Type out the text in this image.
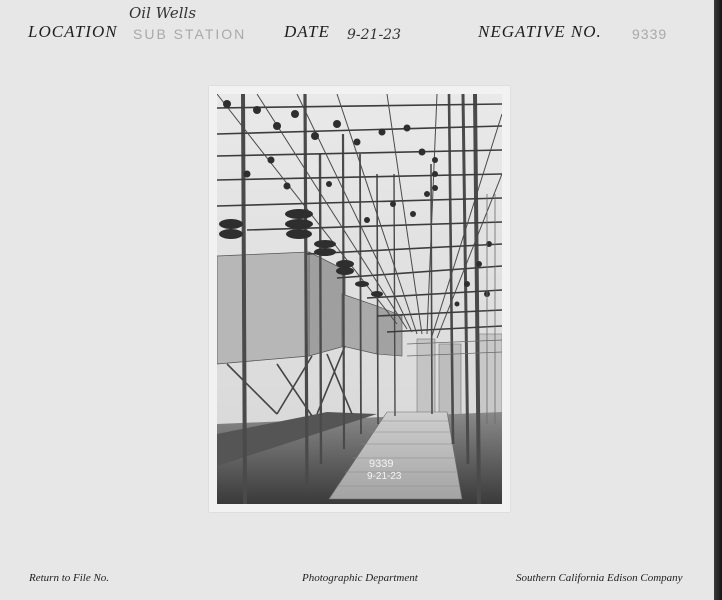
Oil Wells
LOCATION SUB STATION DATE 9-21-23	NEGATIVE NO. 9339
9339
9-21-23
Return to File No.	Photographic Department	Southern California Edison Company
